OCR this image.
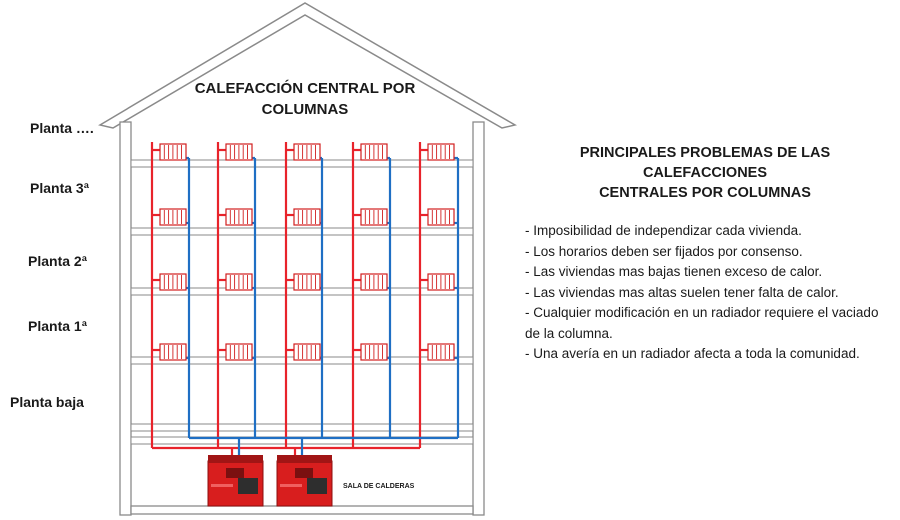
CALEFACCIÓN CENTRAL POR
COLUMNAS
Planta ….
Planta 3ª
Planta 2ª
Planta 1ª
Planta baja
SALA DE CALDERAS
PRINCIPALES PROBLEMAS DE LAS CALEFACCIONES
CENTRALES POR COLUMNAS
- Imposibilidad de independizar cada vivienda.
- Los horarios deben ser fijados por consenso.
- Las viviendas mas bajas tienen exceso de calor.
- Las viviendas mas altas suelen tener falta de calor.
- Cualquier modificación en un radiador requiere el vaciado de la columna.
- Una avería en un radiador afecta a toda la comunidad.
